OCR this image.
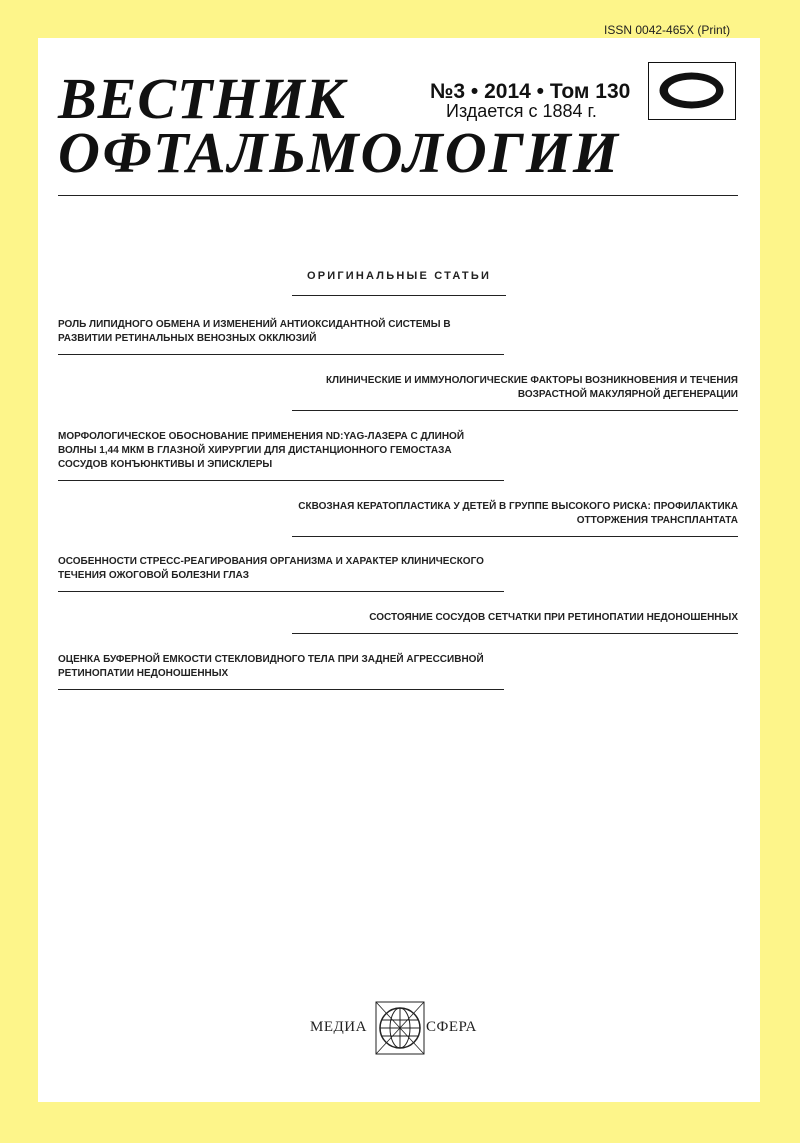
ISSN 0042-465X (Print)
ВЕСТНИК
ОФТАЛЬМОЛОГИИ
№3 • 2014 • Том 130
Издается с 1884 г.
ОРИГИНАЛЬНЫЕ СТАТЬИ
РОЛЬ ЛИПИДНОГО ОБМЕНА И ИЗМЕНЕНИЙ АНТИОКСИДАНТНОЙ СИСТЕМЫ В РАЗВИТИИ РЕТИНАЛЬНЫХ ВЕНОЗНЫХ ОККЛЮЗИЙ
КЛИНИЧЕСКИЕ И ИММУНОЛОГИЧЕСКИЕ ФАКТОРЫ ВОЗНИКНОВЕНИЯ И ТЕЧЕНИЯ ВОЗРАСТНОЙ МАКУЛЯРНОЙ ДЕГЕНЕРАЦИИ
МОРФОЛОГИЧЕСКОЕ ОБОСНОВАНИЕ ПРИМЕНЕНИЯ ND:YAG-ЛАЗЕРА С ДЛИНОЙ ВОЛНЫ 1,44 МКМ В ГЛАЗНОЙ ХИРУРГИИ ДЛЯ ДИСТАНЦИОННОГО ГЕМОСТАЗА СОСУДОВ КОНЪЮНКТИВЫ И ЭПИСКЛЕРЫ
СКВОЗНАЯ КЕРАТОПЛАСТИКА У ДЕТЕЙ В ГРУППЕ ВЫСОКОГО РИСКА: ПРОФИЛАКТИКА ОТТОРЖЕНИЯ ТРАНСПЛАНТАТА
ОСОБЕННОСТИ СТРЕСС-РЕАГИРОВАНИЯ ОРГАНИЗМА И ХАРАКТЕР КЛИНИЧЕСКОГО ТЕЧЕНИЯ ОЖОГОВОЙ БОЛЕЗНИ ГЛАЗ
СОСТОЯНИЕ СОСУДОВ СЕТЧАТКИ ПРИ РЕТИНОПАТИИ НЕДОНОШЕННЫХ
ОЦЕНКА БУФЕРНОЙ ЕМКОСТИ СТЕКЛОВИДНОГО ТЕЛА ПРИ ЗАДНЕЙ АГРЕССИВНОЙ РЕТИНОПАТИИ НЕДОНОШЕННЫХ
МЕДИА	СФЕРА
